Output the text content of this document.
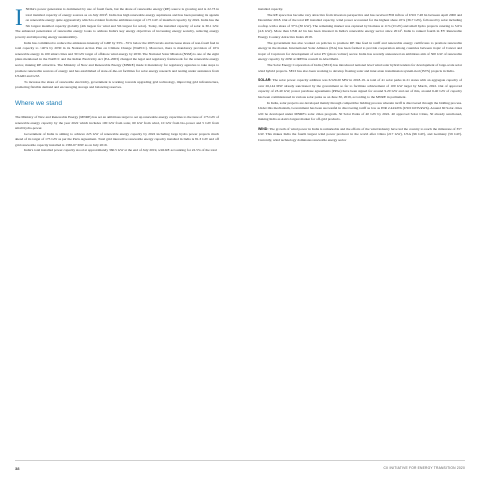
INDIA's power generation is dominated by use of fossil fuels, but the share of renewable energy (RE) source is growing and is 22.73 in total installed capacity of energy sources as on July 2019¹. India has high renewable energy aspirations and has been pursuing its agenda on renewable energy quite aggressively which is evident from the ambitious target of 175 GW of installed capacity by 2022. India has the 5th largest installed capacity globally (4th largest for wind and 5th largest for solar). Today, the installed capacity of solar is 30.1 GW. The enhanced penetration of renewable energy looks to address India's key energy objectives of increasing energy security, reducing energy poverty and improving energy sustainability.

India has committed to reduce the emissions intensity of GDP by 33% - 35% below the 2005 levels and increase share of non-fossil fuel in total capacity to ~40% by 2030 in its National Action Plan on Climate Change (NAPCC). Moreover, there is mandatory provision of 10% renewable energy in 100 smart cities and 30 GW target of offshore wind energy by 2030. The National Solar Mission (NSM) is one of the eight plans mentioned in the NAPCC and the Indian Electricity Act (EA-2003) changed the legal and regulatory framework for the renewable energy sector, making RE attractive. The Ministry of New and Renewable Energy (MNRE) made it mandatory for regulatory agencies to take steps to promote renewable sources of energy and has established of state-of-the-art facilities for solar energy research and testing under assistance from USAID and GTZ.

To increase the share of renewable electricity, government is working towards upgrading grid technology, improving grid infrastructure, promoting flexible demand and encouraging storage and balancing reserves.

Where we stand

The Ministry of New and Renewable Energy (MNRE) has set an ambitious target to set up renewable energy capacities to the tune of 175 GW of renewable energy capacity by the year 2022 which includes 100 GW from solar, 60 GW from wind, 10 GW from bio-power and 5 GW from small hydro-power.

Government of India is aiming to achieve 225 GW of renewable energy capacity by 2022 including large hydro power projects much ahead of its target of 175 GW as per the Paris Agreement. Total grid interactive renewable energy capacity installed in India is 81.3 GW and off grid renewable capacity installed is 1365.67 MW as on July 2019.

India's total installed power capacity stood at approximately 360.5 GW at the end of July 2019, with RE accounting for 22.5% of the total

installed capacity.

The RE space has become very attractive from investors perspective and has received FDI inflow of USD 7.48 bn between April 2000 and December 2018. Out of the total RE installed capacity, wind power accounted for the highest share 45% (36.7 GW), followed by solar including rooftop with a share of 37% (30 GW). The remaining market was captured by biomass at 11% (9 GW) and small hydro projects catering to 5.6% (4.6 GW). More than USD 42 bn has been invested in India's renewable energy sector since 2014². India is ranked fourth in EY Renewable Energy Country Attractive Index 2018.

The government has also worked on policies to promote RE like feed in tariff and renewable energy certificates to promote renewable energy in the market. International Solar Alliance (ISA) has been formed to provide cooperation among countries between tropic of Cancer and tropic of Capricorn for development of solar PV (photo voltaic) sector. India has recently announced an ambitious aim of 500 GW of renewable energy capacity by 2030 at IRENA council in Abu Dhabi.

The Solar Energy Corporation of India (SECI) has introduced national level wind solar hybrid tenders for development of large-scale solar wind hybrid projects. SECI has also been working to develop floating solar and inter-state transmission system-tied (ISTS) projects in India.

SOLAR: The solar power capacity addition was 6.529.20 MW in 2018-19. A total of 41 solar parks in 21 states with an aggregate capacity of over 26,144 MW already sanctioned by the government so far to facilitate achievement of 100 GW target by March, 2022. Out of approved capacity of 23.40 GW, power purchase agreements (PPAs) have been signed for around 9.20 GW and out of this, around 6.40 GW of capacity has been commissioned in various solar parks as on June 30, 2019, according to the MNRE in parliament.

In India, solar projects are developed mainly through competitive bidding process wherein tariff is discovered through the bidding process. Under this mechanism, Government has been successful in discovering tariff as low as INR 2.44/kWh (USD 0.035/kWh). Around 60 Solar cities will be developed under MNRE's solar cities program. 50 Solar Parks of 40 GW by 2022. 40 approved Solar Cities, 50 already sanctioned, making India as Asia's largest market for off-grid products.

WIND: The growth of wind power in India is remarkable and the efforts of the wind industry have led the country to reach the milestone of 35+ GW. This makes India the fourth largest wind power producer in the world after China (217 GW), USA (96 GW), and Germany (59 GW). Currently, wind technology dominates renewable energy sector

38	CII INITIATIVE FOR ENERGY TRANSITION 2020
